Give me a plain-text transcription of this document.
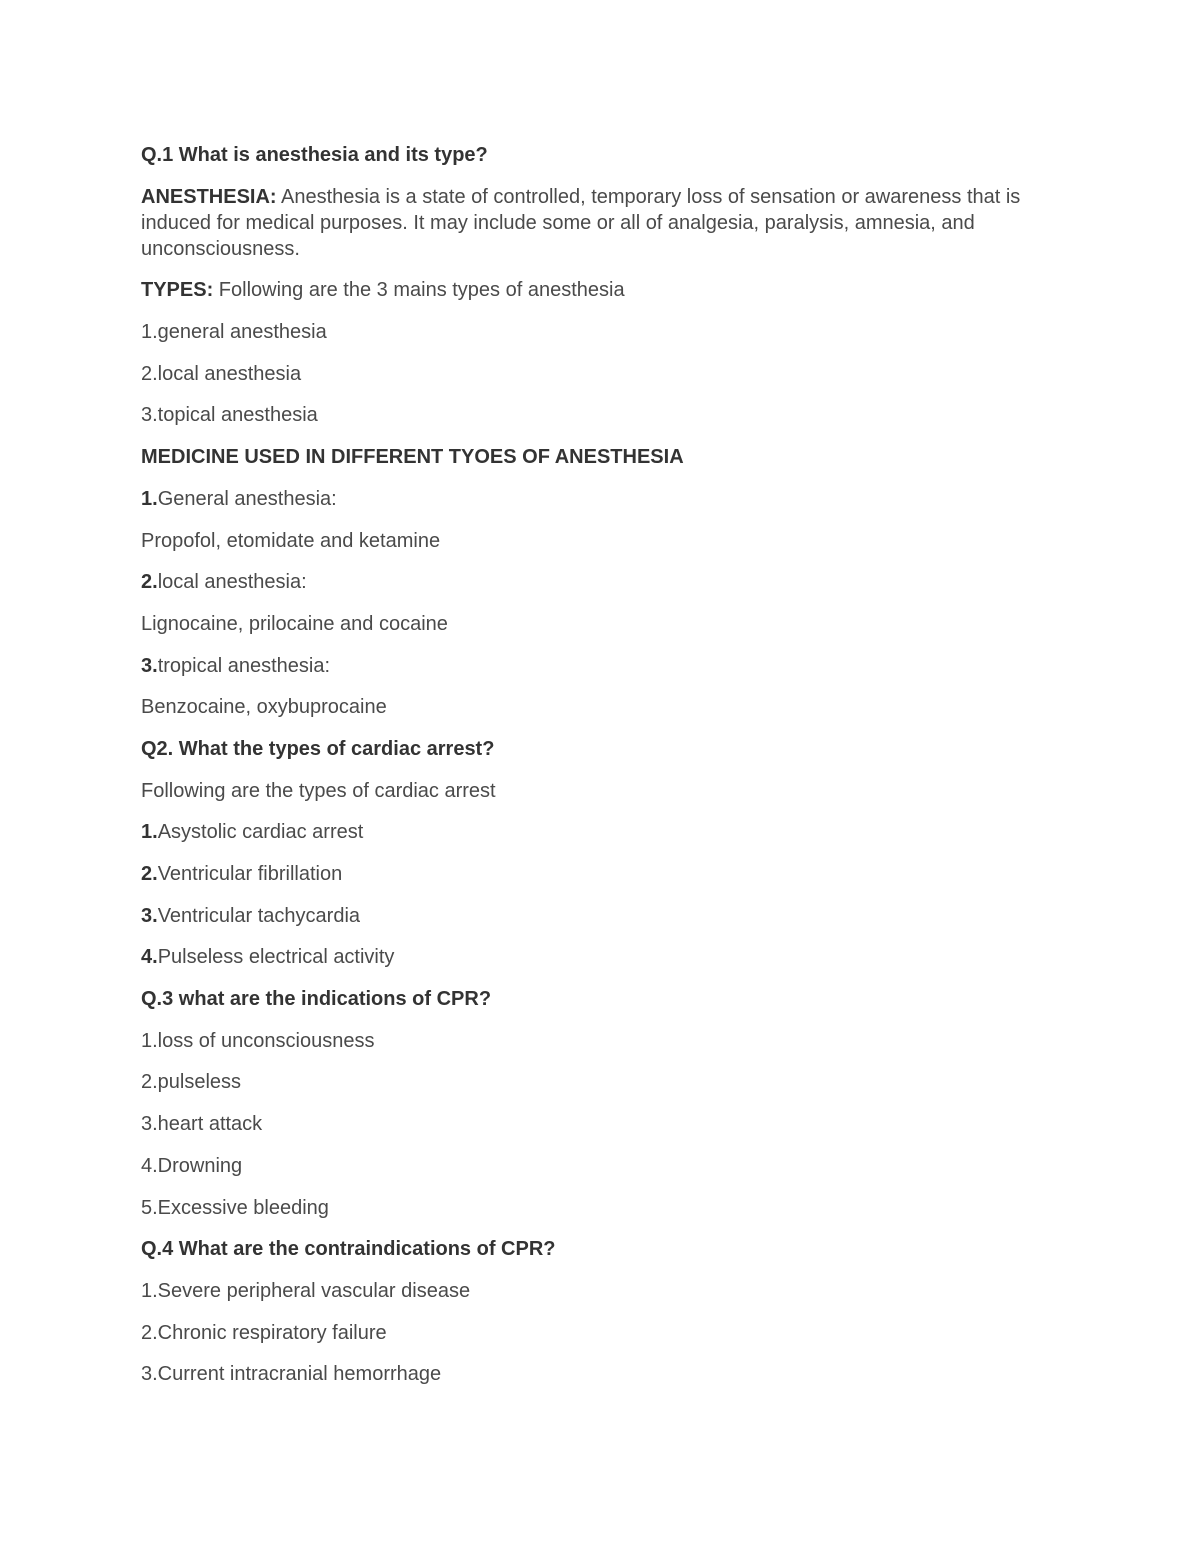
Q.1 What is anesthesia and its type?

ANESTHESIA: Anesthesia is a state of controlled, temporary loss of sensation or awareness that is
induced for medical purposes. It may include some or all of analgesia, paralysis, amnesia, and
unconsciousness.

TYPES: Following are the 3 mains types of anesthesia

1.general anesthesia

2.local anesthesia

3.topical anesthesia

MEDICINE USED IN DIFFERENT TYOES OF ANESTHESIA

1.General anesthesia:

Propofol, etomidate and ketamine

2.local anesthesia:

Lignocaine, prilocaine and cocaine

3.tropical anesthesia:

Benzocaine, oxybuprocaine

Q2. What the types of cardiac arrest?

Following are the types of cardiac arrest

1.Asystolic cardiac arrest

2.Ventricular fibrillation

3.Ventricular tachycardia

4.Pulseless electrical activity

Q.3 what are the indications of CPR?

1.loss of unconsciousness

2.pulseless

3.heart attack

4.Drowning

5.Excessive bleeding

Q.4 What are the contraindications of CPR?

1.Severe peripheral vascular disease

2.Chronic respiratory failure

3.Current intracranial hemorrhage
